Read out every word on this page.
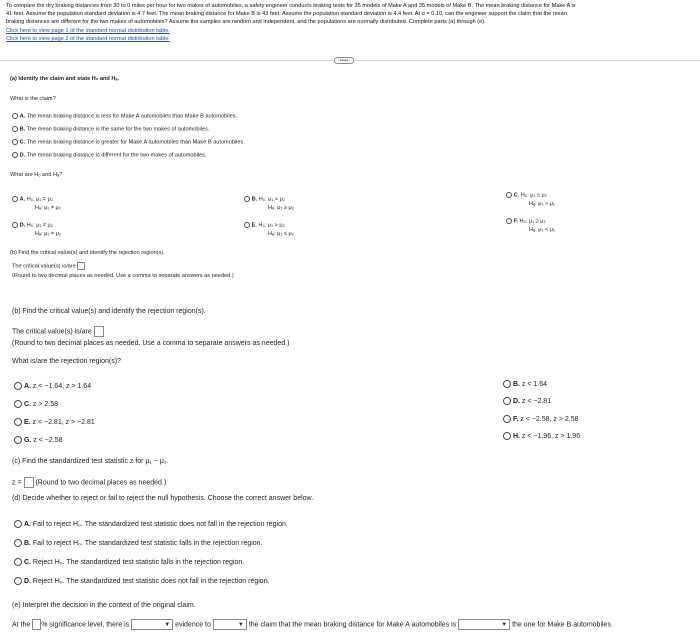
To compare the dry braking distances from 30 to 0 miles per hour for two makes of automobiles, a safety engineer conducts braking tests for 35 models of Make A and 35 models of Make B. The mean braking distance for Make A is
41 feet. Assume the population standard deviation is 4.7 feet. The mean braking distance for Make B is 43 feet. Assume the population standard deviation is 4.4 feet. At α = 0.10, can the engineer support the claim that the mean
braking distances are different for the two makes of automobiles? Assume the samples are random and independent, and the populations are normally distributed. Complete parts (a) through (e).
Click here to view page 1 of the standard normal distribution table.
Click here to view page 2 of the standard normal distribution table.
•••••
(a) Identify the claim and state H₀ and Hₐ.
What is the claim?
A. The mean braking distance is less for Make A automobiles than Make B automobiles.
B. The mean braking distance is the same for the two makes of automobiles.
C. The mean braking distance is greater for Make A automobiles than Make B automobiles.
D. The mean braking distance is different for the two makes of automobiles.
What are H₀ and Hₐ?
A. H₀: μ₁ = μ₂
Hₐ: μ₁ ≠ μ₂
B. H₀: μ₁ < μ₂
Hₐ: μ₁ ≥ μ₂
C. H₀: μ₁ ≤ μ₂
Hₐ: μ₁ > μ₂
D. H₀: μ₁ ≠ μ₂
Hₐ: μ₁ = μ₂
E. H₀: μ₁ > μ₂
Hₐ: μ₁ ≤ μ₂
F. H₀: μ₁ ≥ μ₂
Hₐ: μ₁ < μ₂
(b) Find the critical value(s) and identify the rejection region(s).
The critical value(s) is/are
(Round to two decimal places as needed. Use a comma to separate answers as needed.)
(b) Find the critical value(s) and identify the rejection region(s).
The critical value(s) is/are
(Round to two decimal places as needed. Use a comma to separate answers as needed.)
What is/are the rejection region(s)?
A. z < −1.64, z > 1.64	B. z < 1.64
C. z > 2.58	D. z < −2.81
E. z < −2.81, z > −2.81	F. z < −2.58, z > 2.58
G. z < −2.58
H. z < −1.96, z > 1.96
(c) Find the standardized test statistic z for μ₁ − μ₂.
z = (Round to two decimal places as needed.)
(d) Decide whether to reject or fail to reject the null hypothesis. Choose the correct answer below.
A. Fail to reject H₀. The standardized test statistic does not fall in the rejection region.
B. Fail to reject H₀. The standardized test statistic falls in the rejection region.
C. Reject H₀. The standardized test statistic falls in the rejection region.
D. Reject H₀. The standardized test statistic does not fall in the rejection region.
(e) Interpret the decision in the context of the original claim.
At the % significance level, there is	▼ evidence to	▼ the claim that the mean braking distance for Make A automobiles is	▼ the one for Make B automobiles.
